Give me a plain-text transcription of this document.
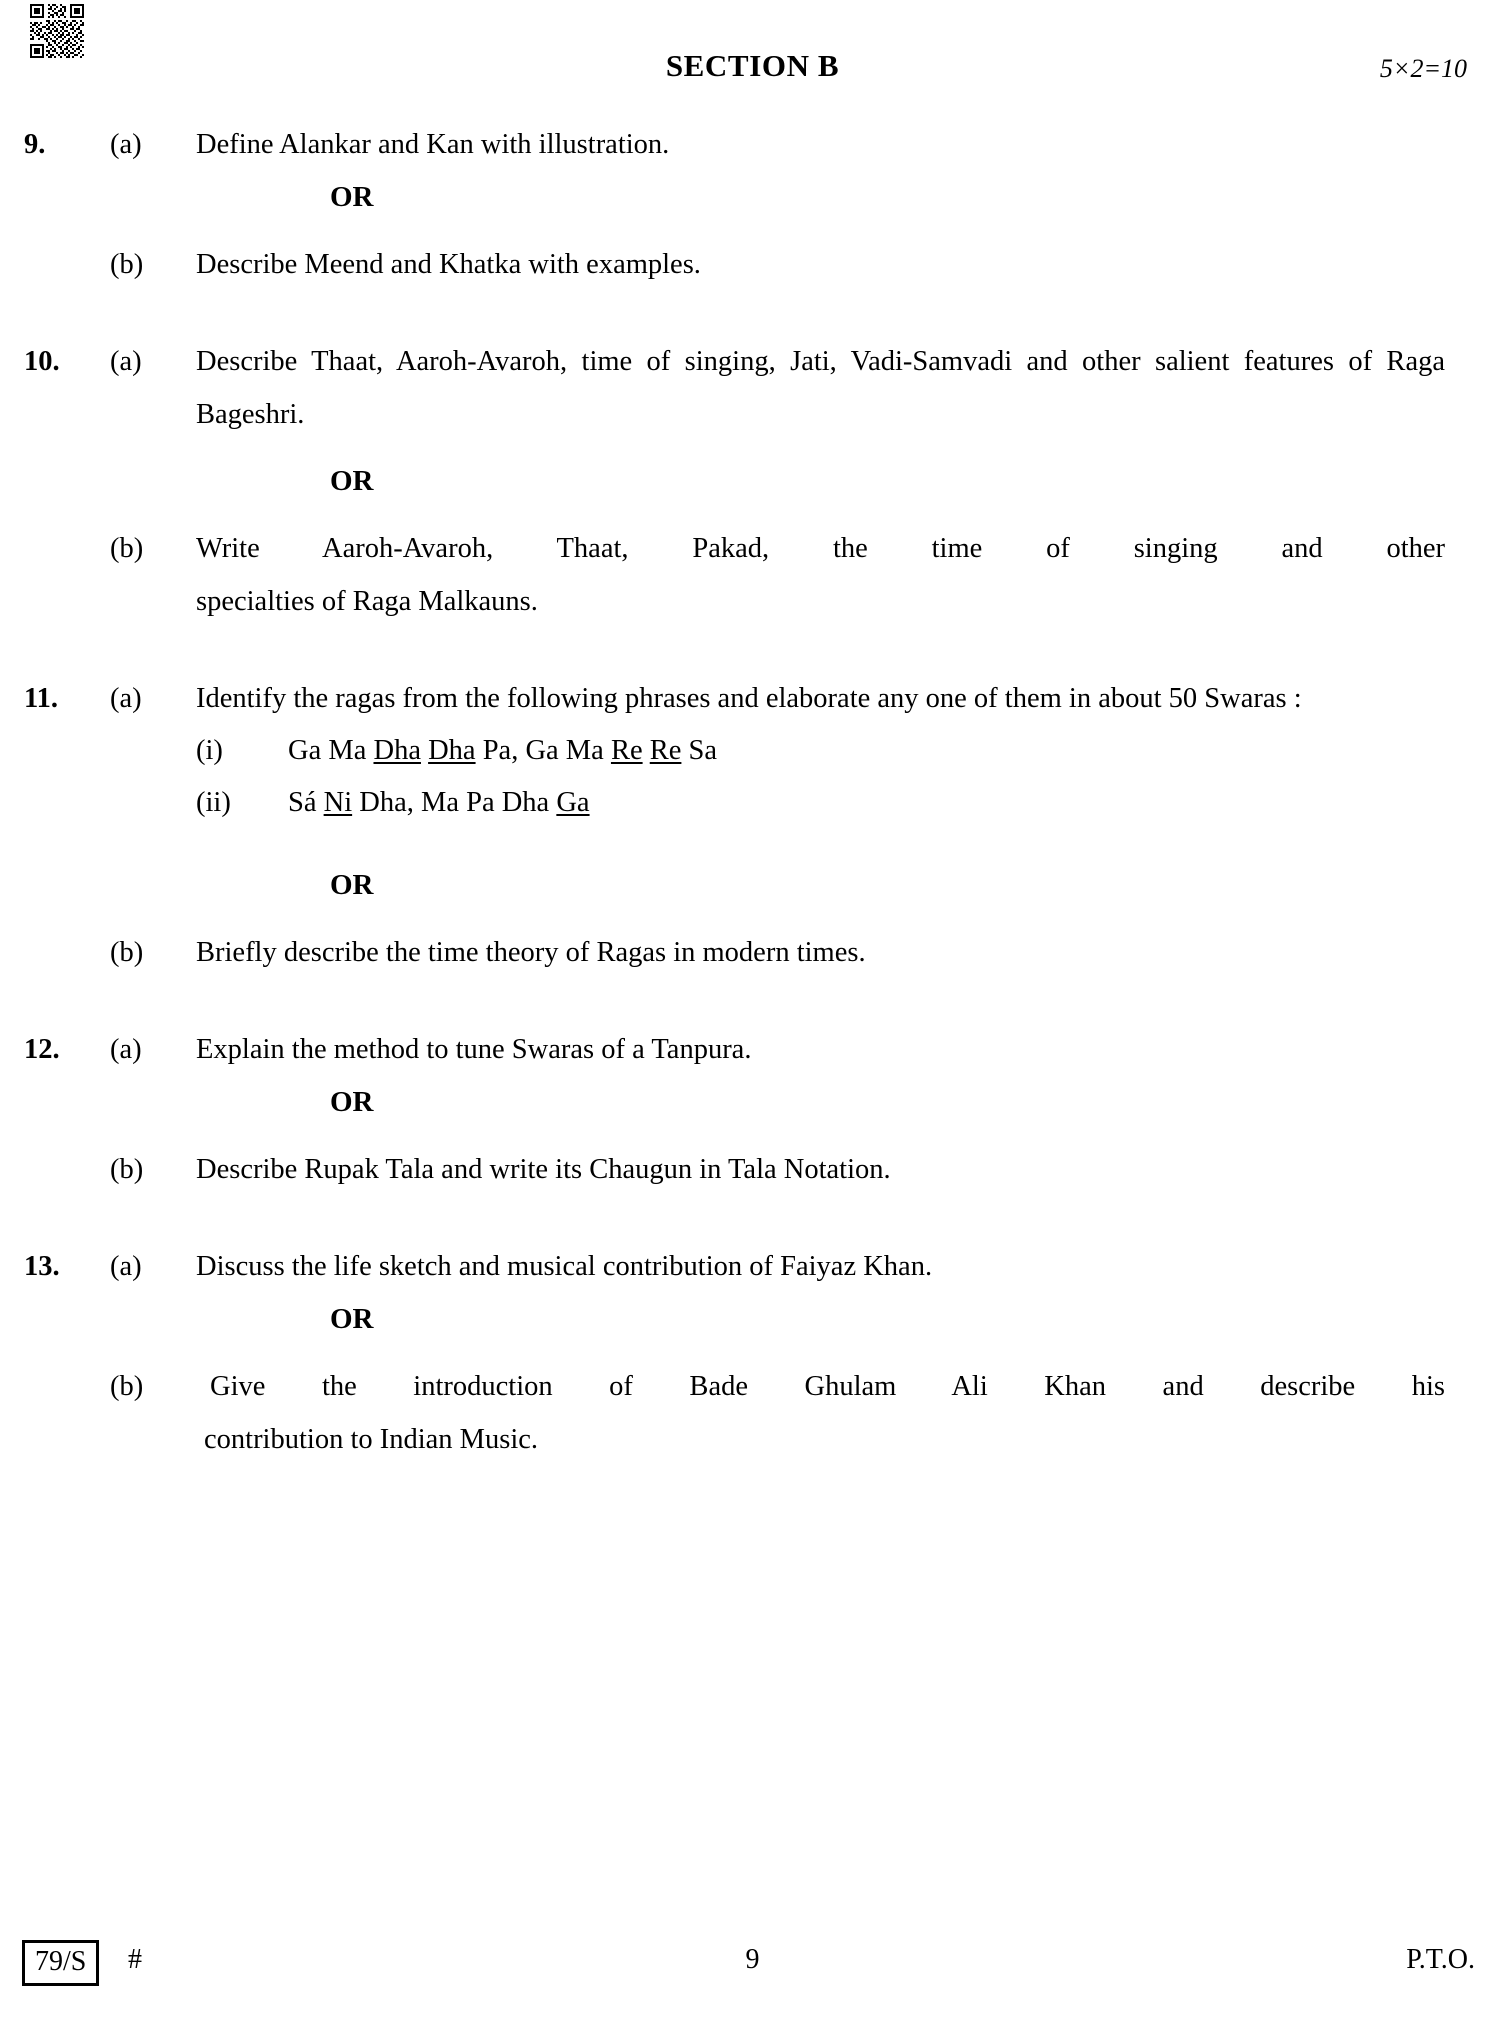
SECTION B	5×2=10
9.	(a)	Define Alankar and Kan with illustration.
OR
(b)	Describe Meend and Khatka with examples.
10.	(a)	Describe Thaat, Aaroh-Avaroh, time of singing, Jati, Vadi-Samvadi and other salient features of Raga Bageshri.
OR
(b)	Write Aaroh-Avaroh, Thaat, Pakad, the time of singing and other
specialties of Raga Malkauns.
11.	(a)	Identify the ragas from the following phrases and elaborate any one of them in about 50 Swaras :
(i)	Ga Ma Dha Dha Pa, Ga Ma Re Re Sa
(ii)	Sá Ni Dha, Ma Pa Dha Ga
OR
(b)	Briefly describe the time theory of Ragas in modern times.
12.	(a)	Explain the method to tune Swaras of a Tanpura.
OR
(b)	Describe Rupak Tala and write its Chaugun in Tala Notation.
13.	(a)	Discuss the life sketch and musical contribution of Faiyaz Khan.
OR
(b)	Give the introduction of Bade Ghulam Ali Khan and describe his
contribution to Indian Music.
79/S	#	9	P.T.O.
